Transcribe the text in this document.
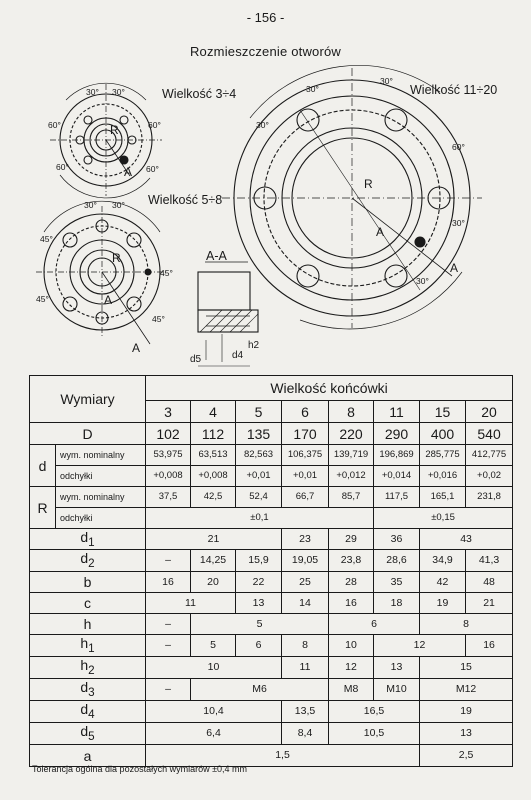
- 156 -
Rozmieszczenie otworów
30° 30°
60°	60°
60°	60°
30° 30°
45°
45°
45°
45°
30°
30°
30°
60°
30°
30°
R
R
R
A
A
A
A
A
Wielkość 3÷4
Wielkość 5÷8
Wielkość 11÷20
A-A
d5	d4
h2
Wymiary		Wielkość końcówki							
		3	4	5	6	8	11	15	20
D		102	112	135	170	220	290	400	540
d	wym. nominalny	53,975	63,513	82,563	106,375	139,719	196,869	285,775	412,775
	odchyłki	+0,008	+0,008	+0,01	+0,01	+0,012	+0,014	+0,016	+0,02
R	wym. nominalny	37,5	42,5	52,4	66,7	85,7	117,5	165,1	231,8
	odchyłki	±0,1					±0,15		
$d_1$		21			23	29	36	43	
$d_2$		–	14,25	15,9	19,05	23,8	28,6	34,9	41,3
b		16	20	22	25	28	35	42	48
c		11		13	14	16	18	19	21
h		–	5			6		8	
$h_1$		–	5	6	8	10	12		16
$h_2$		10			11	12	13	15	
$d_3$		–	M6			M8	M10	M12	
$d_4$		10,4			13,5	16,5		19	
$d_5$		6,4			8,4	10,5		13	
a		1,5						2,5	
Tolerancja ogólna dla pozostałych wymiarów ±0,4 mm
